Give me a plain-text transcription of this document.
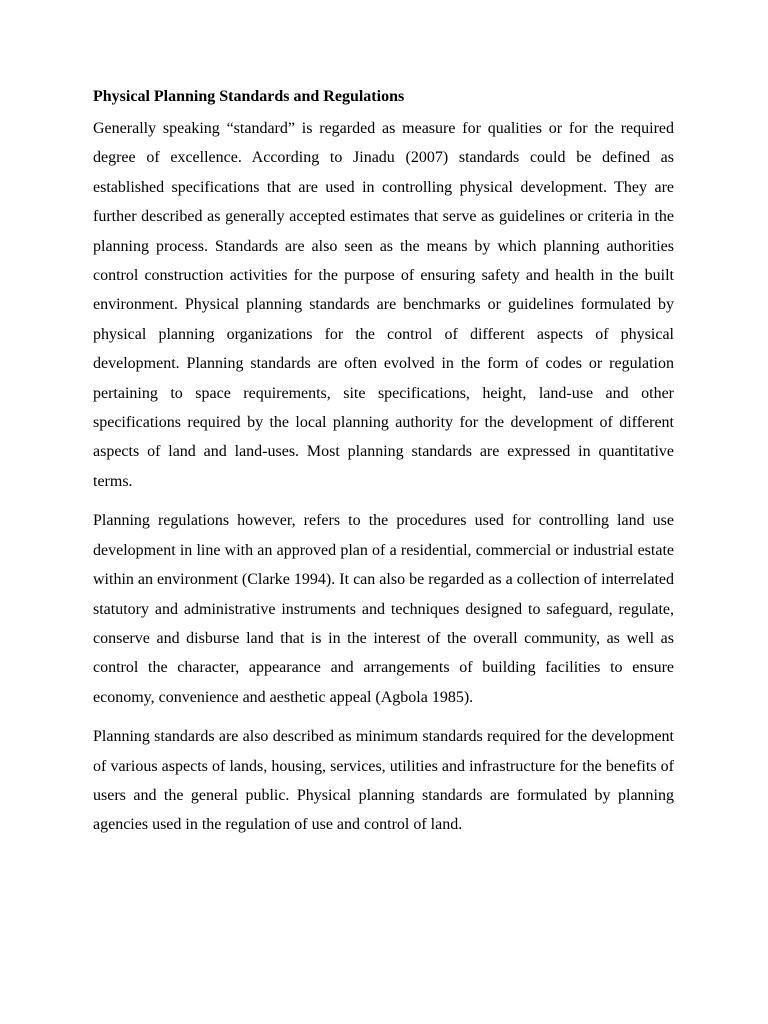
Physical Planning Standards and Regulations

Generally speaking “standard” is regarded as measure for qualities or for the required degree of excellence. According to Jinadu (2007) standards could be defined as established specifications that are used in controlling physical development. They are further described as generally accepted estimates that serve as guidelines or criteria in the planning process. Standards are also seen as the means by which planning authorities control construction activities for the purpose of ensuring safety and health in the built environment. Physical planning standards are benchmarks or guidelines formulated by physical planning organizations for the control of different aspects of physical development. Planning standards are often evolved in the form of codes or regulation pertaining to space requirements, site specifications, height, land-use and other specifications required by the local planning authority for the development of different aspects of land and land-uses. Most planning standards are expressed in quantitative terms.

Planning regulations however, refers to the procedures used for controlling land use development in line with an approved plan of a residential, commercial or industrial estate within an environment (Clarke 1994). It can also be regarded as a collection of interrelated statutory and administrative instruments and techniques designed to safeguard, regulate, conserve and disburse land that is in the interest of the overall community, as well as control the character, appearance and arrangements of building facilities to ensure economy, convenience and aesthetic appeal (Agbola 1985).

Planning standards are also described as minimum standards required for the development of various aspects of lands, housing, services, utilities and infrastructure for the benefits of users and the general public. Physical planning standards are formulated by planning agencies used in the regulation of use and control of land.
